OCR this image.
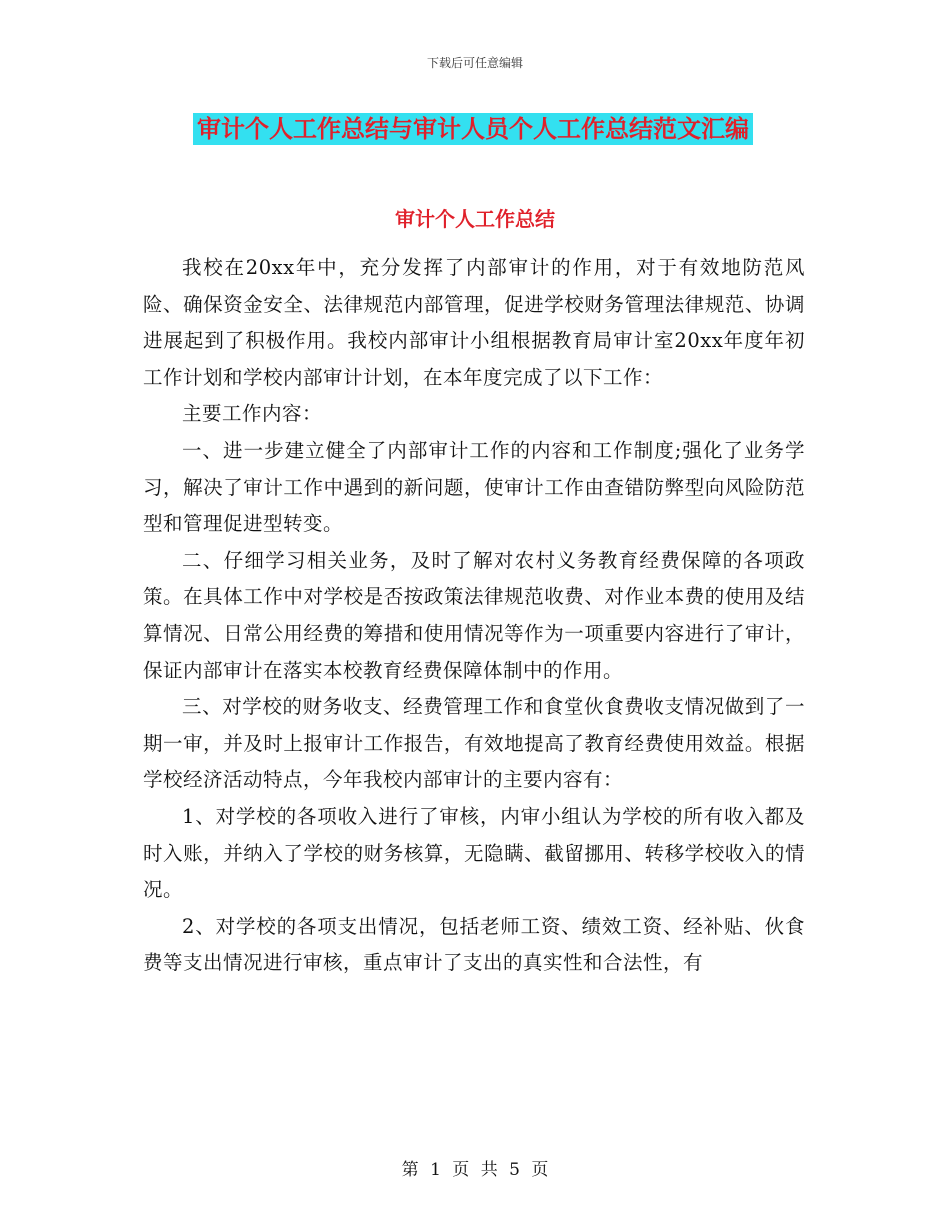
下载后可任意编辑
审计个人工作总结与审计人员个人工作总结范文汇编
审计个人工作总结

我校在20xx年中，充分发挥了内部审计的作用，对于有效地防范风险、确保资金安全、法律规范内部管理，促进学校财务管理法律规范、协调进展起到了积极作用。我校内部审计小组根据教育局审计室20xx年度年初工作计划和学校内部审计计划，在本年度完成了以下工作：

主要工作内容：

一、进一步建立健全了内部审计工作的内容和工作制度;强化了业务学习，解决了审计工作中遇到的新问题，使审计工作由查错防弊型向风险防范型和管理促进型转变。

二、仔细学习相关业务，及时了解对农村义务教育经费保障的各项政策。在具体工作中对学校是否按政策法律规范收费、对作业本费的使用及结算情况、日常公用经费的筹措和使用情况等作为一项重要内容进行了审计，保证内部审计在落实本校教育经费保障体制中的作用。

三、对学校的财务收支、经费管理工作和食堂伙食费收支情况做到了一期一审，并及时上报审计工作报告，有效地提高了教育经费使用效益。根据学校经济活动特点，今年我校内部审计的主要内容有：

1、对学校的各项收入进行了审核，内审小组认为学校的所有收入都及时入账，并纳入了学校的财务核算，无隐瞒、截留挪用、转移学校收入的情况。

2、对学校的各项支出情况，包括老师工资、绩效工资、经补贴、伙食费等支出情况进行审核，重点审计了支出的真实性和合法性，有

第 1 页 共 5 页
